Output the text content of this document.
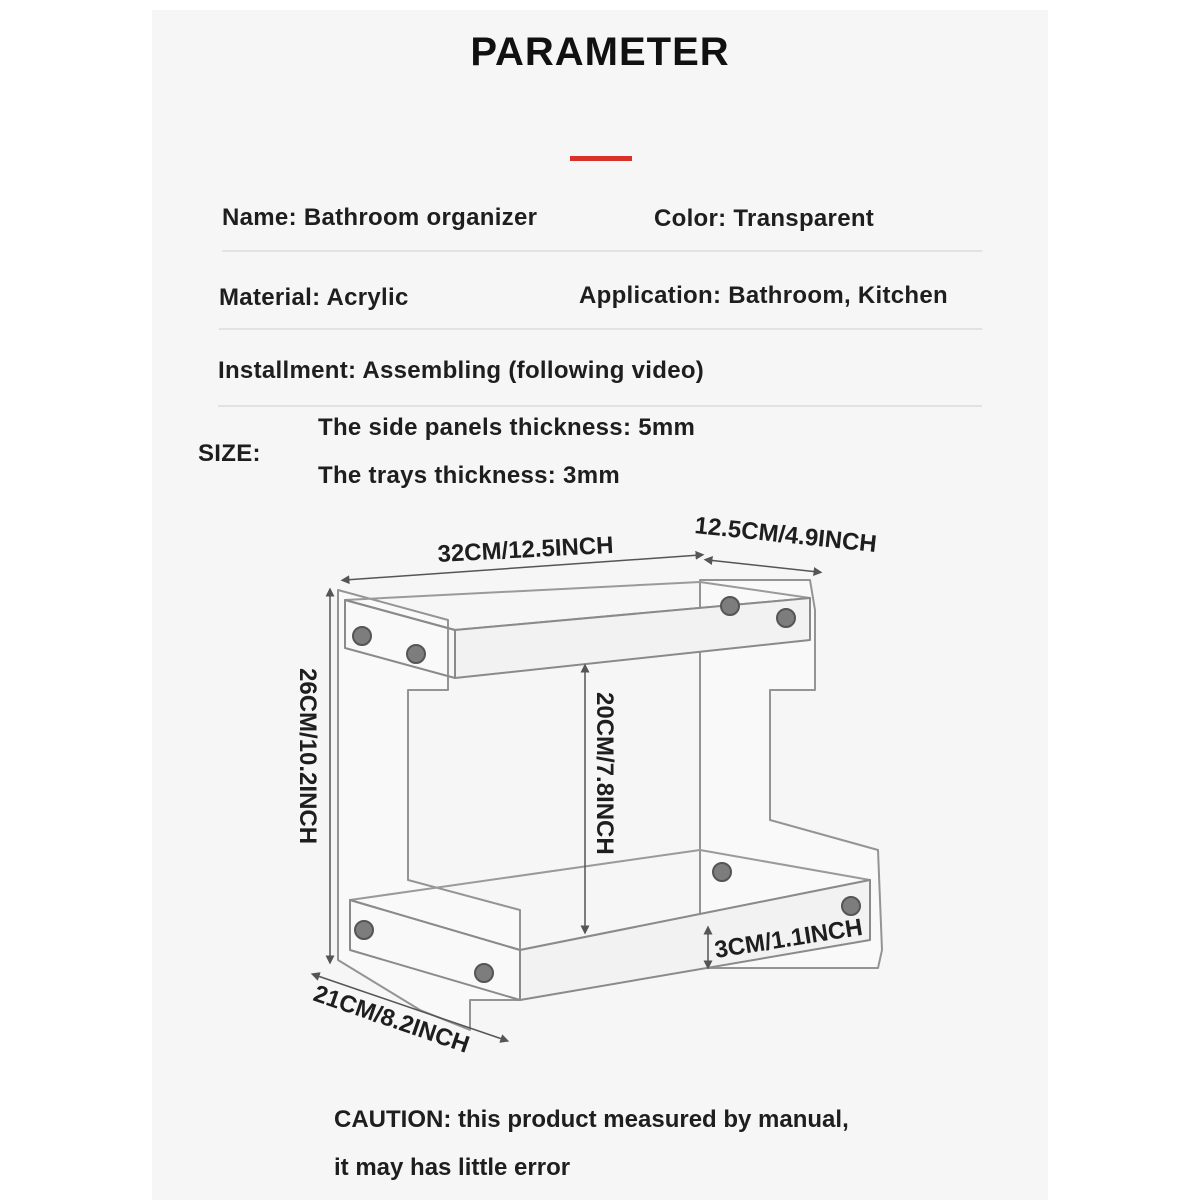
PARAMETER
Name: Bathroom organizer	Color: Transparent
Material: Acrylic	Application: Bathroom, Kitchen
Installment: Assembling (following video)
SIZE:
The side panels thickness: 5mm
The trays thickness: 3mm
32CM/12.5INCH	12.5CM/4.9INCH
26CM/10.2INCH	20CM/7.8INCH
3CM/1.1INCH
21CM/8.2INCH
CAUTION: this product measured by manual,
it may has little error
